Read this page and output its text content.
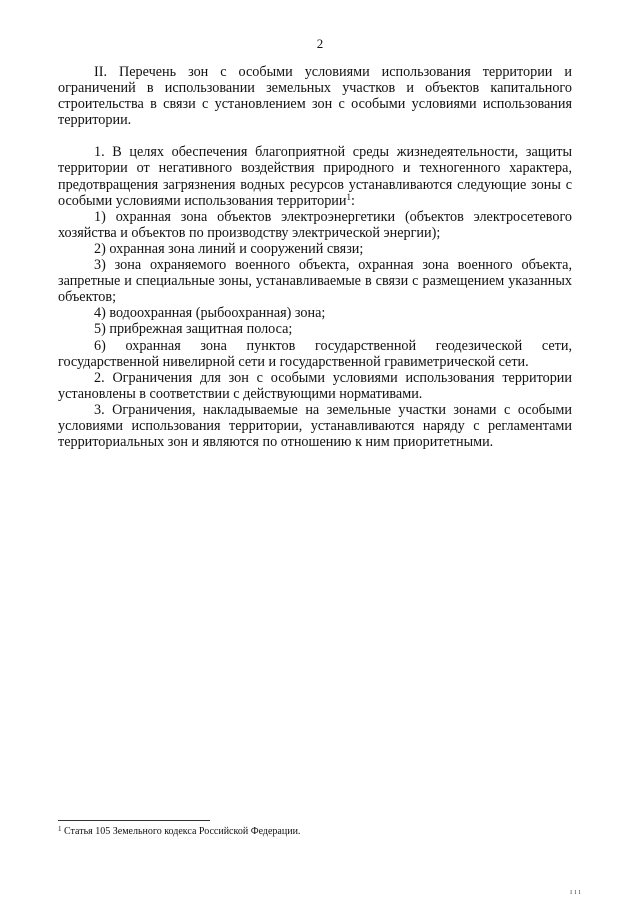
2

II. Перечень зон с особыми условиями использования территории и ограничений в использовании земельных участков и объектов капитального строительства в связи с установлением зон с особыми условиями использования территории.

1. В целях обеспечения благоприятной среды жизнедеятельности, защиты территории от негативного воздействия природного и техногенного характера, предотвращения загрязнения водных ресурсов устанавливаются следующие зоны с особыми условиями использования территории$^1$:

1) охранная зона объектов электроэнергетики (объектов электросетевого хозяйства и объектов по производству электрической энергии);

2) охранная зона линий и сооружений связи;

3) зона охраняемого военного объекта, охранная зона военного объекта, запретные и специальные зоны, устанавливаемые в связи с размещением указанных объектов;

4) водоохранная (рыбоохранная) зона;

5) прибрежная защитная полоса;

6) охранная зона пунктов государственной геодезической сети, государственной нивелирной сети и государственной гравиметрической сети.

2. Ограничения для зон с особыми условиями использования территории установлены в соответствии с действующими нормативами.

3. Ограничения, накладываемые на земельные участки зонами с особыми условиями использования территории, устанавливаются наряду с регламентами территориальных зон и являются по отношению к ним приоритетными.

$^1$ Статья 105 Земельного кодекса Российской Федерации.
ııı
